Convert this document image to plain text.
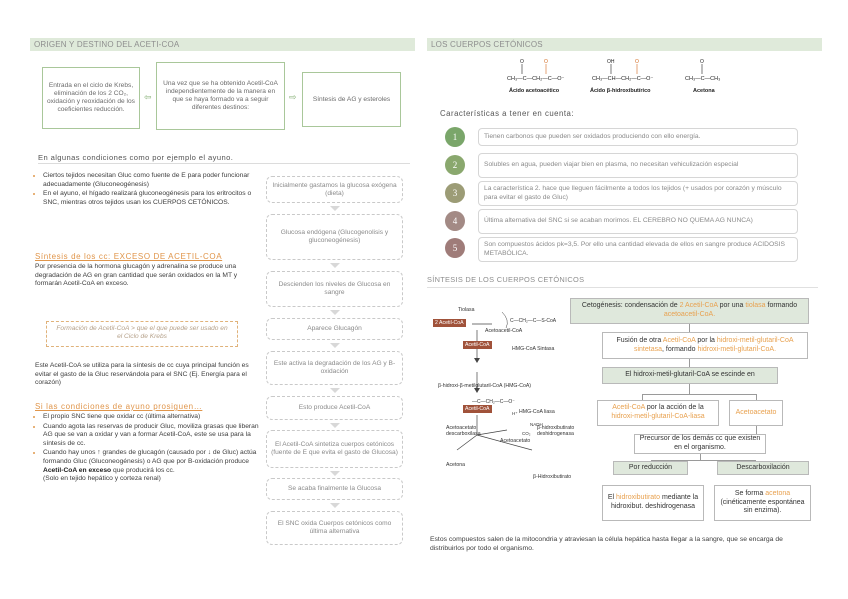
ORIGEN Y DESTINO DEL ACETI-COA
Entrada en el ciclo de Krebs, eliminación de los 2 CO₂, oxidación y reoxidación de los coeficientes reducción.
⇦
Una vez que se ha obtenido Acetil-CoA independientemente de la manera en que se haya formado va a seguir diferentes destinos:
⇨	Síntesis de AG y esteroles
En algunas condiciones como por ejemplo el ayuno.
• Ciertos tejidos necesitan Gluc como fuente de E para poder funcionar adecuadamente (Gluconeogénesis)
• En el ayuno, el hígado realizará gluconeogénesis para los eritrocitos o SNC, mientras otros tejidos usan los CUERPOS CETÓNICOS.
Síntesis de los cc: EXCESO DE ACETIL-COA
Por presencia de la hormona glucagón y adrenalina se produce una degradación de AG en gran cantidad que serán oxidados en la MT y formarán Acetil-CoA en exceso.
Formación de Acetil-CoA > que el que puede ser usado en el Ciclo de Krebs
Este Acetil-CoA se utiliza para la síntesis de cc cuya principal función es evitar el gasto de la Gluc reservándola para el SNC (Ej. Energía para el corazón)
Si las condiciones de ayuno prosiguen…
• El propio SNC tiene que oxidar cc (última alternativa)
• Cuando agota las reservas de producir Gluc, moviliza grasas que liberan AG que se van a oxidar y van a formar Acetil-CoA, este se usa para la síntesis de cc.
• Cuando hay unos ↑ grandes de glucagón (causado por ↓ de Gluc) actúa formando Gluc (Gluconeogénesis) o AG que por B-oxidación produce Acetil-CoA en exceso que producirá los cc.
(Solo en tejido hepático y corteza renal)
Inicialmente gastamos la glucosa exógena (dieta)
Glucosa endógena (Glucogenolisis y gluconeogénesis)
Descienden los niveles de Glucosa en sangre
Aparece Glucagón
Este activa la degradación de los AG y B-oxidación
Esto produce Acetil-CoA
El Acetil-CoA sintetiza cuerpos cetónicos (fuente de E que evita el gasto de Glucosa)
Se acaba finalmente la Glucosa
El SNC oxida Cuerpos cetónicos como última alternativa
LOS CUERPOS CETÓNICOS
CH₃—C—CH₂—C—O⁻
O	O
Ácido acetoacético
CH₃—CH—CH₂—C—O⁻
OH	O
Ácido β-hidroxibutírico
CH₃—C—CH₃
O
Acetona
Características a tener en cuenta:
1	Tienen carbonos que pueden ser oxidados produciendo con ello energía.
2	Solubles en agua, pueden viajar bien en plasma, no necesitan vehiculización especial
3	La característica 2. hace que lleguen fácilmente a todos los tejidos (+ usados por corazón y músculo para evitar el gasto de Gluc)
4	Última alternativa del SNC si se acaban morimos. EL CEREBRO NO QUEMA AG NUNCA)
5	Son compuestos ácidos pk=3,5. Por ello una cantidad elevada de ellos en sangre produce ACIDOSIS METABÓLICA.
SÍNTESIS DE LOS CUERPOS CETÓNICOS
Tiolasa
2 Acetil-CoA	C—CH₂—C—S-CoA
—C—CH₂—C—O⁻
CO₂
H⁺
NADH
Acetoacetil-CoA
Acetil-CoA
HMG-CoA Sintasa
β-hidroxi-β-metilglutaril-CoA (HMG-CoA)
Acetil-CoA	HMG-CoA liasa
Acetoacetato
Acetoacetato descarboxilasa
β-hidroxibutirato deshidrogenasa
Acetona
β-Hidroxibutirato
Cetogénesis: condensación de 2 Acetil-CoA por una tiolasa formando acetoacetil-CoA.
Fusión de otra Acetil-CoA por la hidroxi-metil-glutaril-CoA sintetasa, formando hidroxi-metil-glutaril-CoA.
El hidroxi-metil-glutaril-CoA se escinde en
Acetil-CoA por la acción de la hidroxi-metil-glutaril-CoA-liasa
Acetoacetato
Precursor de los demás cc que existen en el organismo.
Por reducción	Descarboxilación
El hidroxibutirato mediante la hidroxibut. deshidrogenasa
Se forma acetona (cinéticamente espontánea sin enzima).
Estos compuestos salen de la mitocondria y atraviesan la célula hepática hasta llegar a la sangre, que se encarga de distribuirlos por todo el organismo.
